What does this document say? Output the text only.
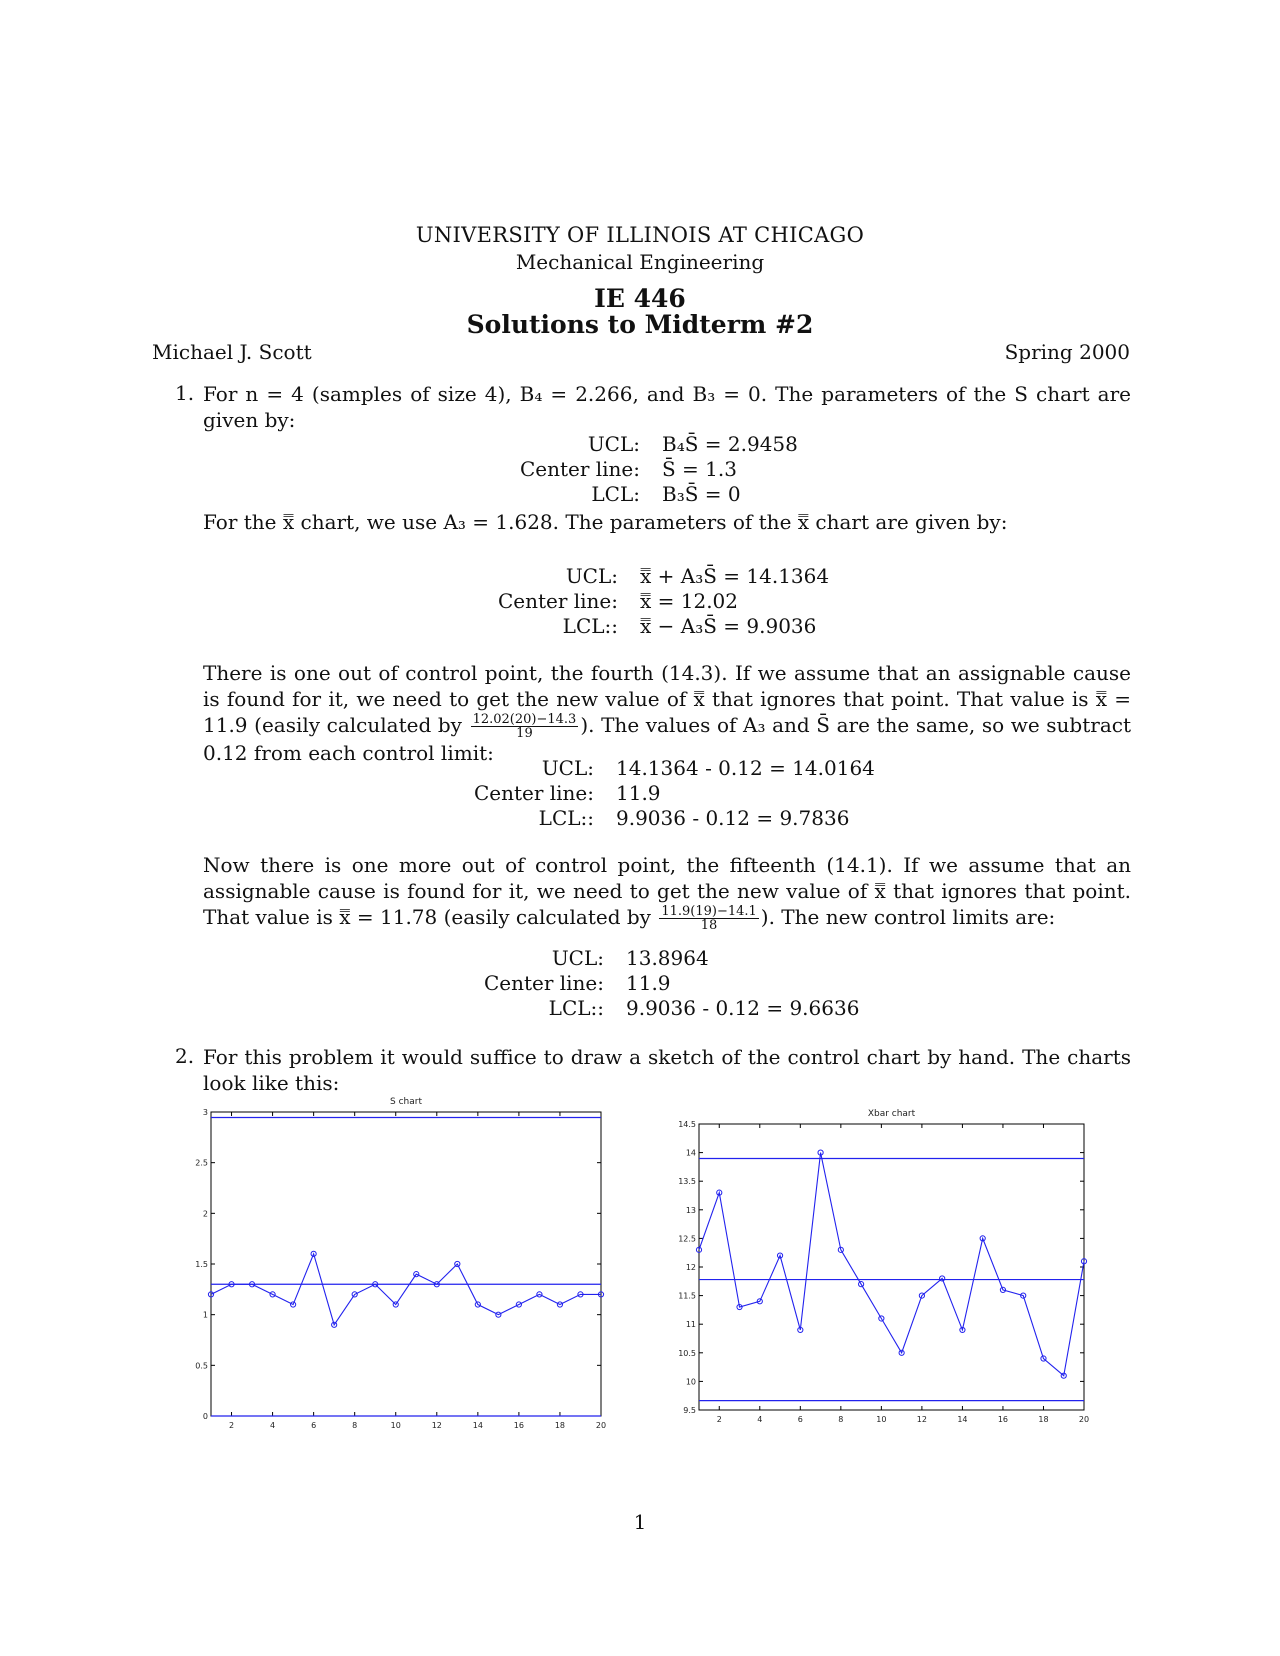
UNIVERSITY OF ILLINOIS AT CHICAGO
Mechanical Engineering
IE 446
Solutions to Midterm #2
Michael J. Scott	Spring 2000
1. For n = 4 (samples of size 4), B₄ = 2.266, and B₃ = 0. The parameters of the S chart are given by:
UCL: B₄S̄ = 2.9458
Center line: S̄ = 1.3
LCL: B₃S̄ = 0
For the x̿ chart, we use A₃ = 1.628. The parameters of the x̿ chart are given by:
UCL: x̿ + A₃S̄ = 14.1364
Center line: x̿ = 12.02
LCL:: x̿ − A₃S̄ = 9.9036
There is one out of control point, the fourth (14.3). If we assume that an assignable cause is found for it, we need to get the new value of x̿ that ignores that point. That value is x̿ = 11.9 (easily calculated by $\frac{12.02(20)-14.3}{19}$ ). The values of A₃ and S̄ are the same, so we subtract 0.12 from each control limit:
UCL: 14.1364 - 0.12 = 14.0164
Center line: 11.9
LCL:: 9.9036 - 0.12 = 9.7836
Now there is one more out of control point, the fifteenth (14.1). If we assume that an assignable cause is found for it, we need to get the new value of x̿ that ignores that point. That value is x̿ = 11.78 (easily calculated by $\frac{11.9(19)-14.1}{18}$ ). The new control limits are:
UCL: 13.8964
Center line: 11.9
LCL:: 9.9036 - 0.12 = 9.6636
2. For this problem it would suffice to draw a sketch of the control chart by hand. The charts look like this:
S chart
2	4	6	8	10	12	14	16	18	20
0
0.5
1
1.5
2
2.5
3	Xbar chart
2	4	6	8	10	12	14	16	18	20
9.5
10
10.5
11
11.5
12
12.5
13
13.5
14
14.5
1
